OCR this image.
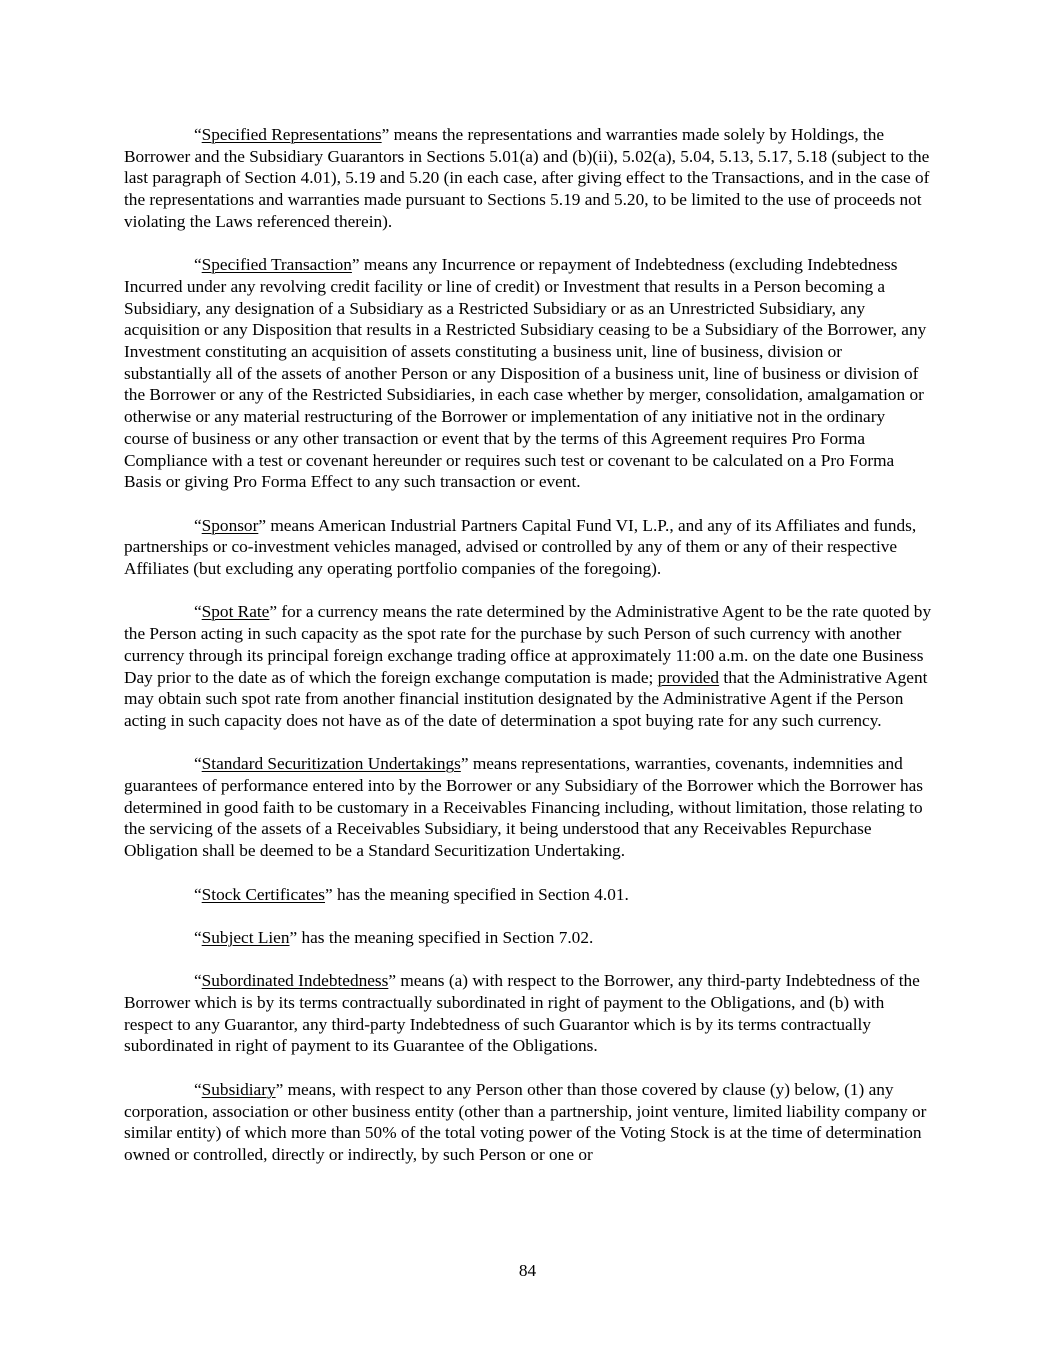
“Specified Representations” means the representations and warranties made solely by Holdings, the Borrower and the Subsidiary Guarantors in Sections 5.01(a) and (b)(ii), 5.02(a), 5.04, 5.13, 5.17, 5.18 (subject to the last paragraph of Section 4.01), 5.19 and 5.20 (in each case, after giving effect to the Transactions, and in the case of the representations and warranties made pursuant to Sections 5.19 and 5.20, to be limited to the use of proceeds not violating the Laws referenced therein).

“Specified Transaction” means any Incurrence or repayment of Indebtedness (excluding Indebtedness Incurred under any revolving credit facility or line of credit) or Investment that results in a Person becoming a Subsidiary, any designation of a Subsidiary as a Restricted Subsidiary or as an Unrestricted Subsidiary, any acquisition or any Disposition that results in a Restricted Subsidiary ceasing to be a Subsidiary of the Borrower, any Investment constituting an acquisition of assets constituting a business unit, line of business, division or substantially all of the assets of another Person or any Disposition of a business unit, line of business or division of the Borrower or any of the Restricted Subsidiaries, in each case whether by merger, consolidation, amalgamation or otherwise or any material restructuring of the Borrower or implementation of any initiative not in the ordinary course of business or any other transaction or event that by the terms of this Agreement requires Pro Forma Compliance with a test or covenant hereunder or requires such test or covenant to be calculated on a Pro Forma Basis or giving Pro Forma Effect to any such transaction or event.

“Sponsor” means American Industrial Partners Capital Fund VI, L.P., and any of its Affiliates and funds, partnerships or co-investment vehicles managed, advised or controlled by any of them or any of their respective Affiliates (but excluding any operating portfolio companies of the foregoing).

“Spot Rate” for a currency means the rate determined by the Administrative Agent to be the rate quoted by the Person acting in such capacity as the spot rate for the purchase by such Person of such currency with another currency through its principal foreign exchange trading office at approximately 11:00 a.m. on the date one Business Day prior to the date as of which the foreign exchange computation is made; provided that the Administrative Agent may obtain such spot rate from another financial institution designated by the Administrative Agent if the Person acting in such capacity does not have as of the date of determination a spot buying rate for any such currency.

“Standard Securitization Undertakings” means representations, warranties, covenants, indemnities and guarantees of performance entered into by the Borrower or any Subsidiary of the Borrower which the Borrower has determined in good faith to be customary in a Receivables Financing including, without limitation, those relating to the servicing of the assets of a Receivables Subsidiary, it being understood that any Receivables Repurchase Obligation shall be deemed to be a Standard Securitization Undertaking.

“Stock Certificates” has the meaning specified in Section 4.01.

“Subject Lien” has the meaning specified in Section 7.02.

“Subordinated Indebtedness” means (a) with respect to the Borrower, any third-party Indebtedness of the Borrower which is by its terms contractually subordinated in right of payment to the Obligations, and (b) with respect to any Guarantor, any third-party Indebtedness of such Guarantor which is by its terms contractually subordinated in right of payment to its Guarantee of the Obligations.

“Subsidiary” means, with respect to any Person other than those covered by clause (y) below, (1) any corporation, association or other business entity (other than a partnership, joint venture, limited liability company or similar entity) of which more than 50% of the total voting power of the Voting Stock is at the time of determination owned or controlled, directly or indirectly, by such Person or one or

84
